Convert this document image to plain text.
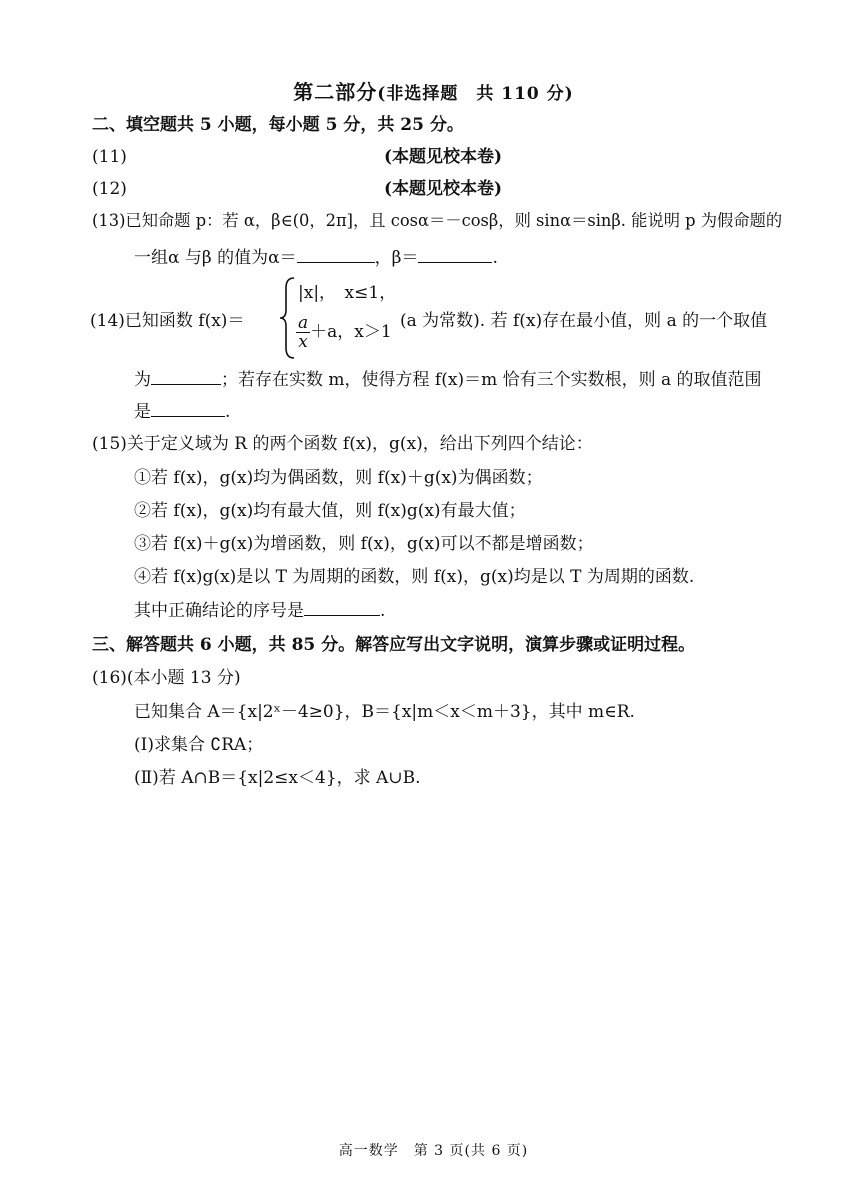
第二部分(非选择题　共 110 分)
二、填空题共 5 小题，每小题 5 分，共 25 分。
(11)	(本题见校本卷)
(12)	(本题见校本卷)
(13)已知命题 p：若 α，β∈(0，2π]，且 cosα＝－cosβ，则 sinα＝sinβ. 能说明 p 为假命题的
一组α 与β 的值为α＝	，β＝	.
(14)已知函数 f(x)＝
|x|，　x≤1，
$\frac{a}{x} +a$，x＞1
(a 为常数). 若 f(x)存在最小值，则 a 的一个取值
为	；若存在实数 m，使得方程 f(x)＝m 恰有三个实数根，则 a 的取值范围
是	.
(15)关于定义域为 R 的两个函数 f(x)，g(x)，给出下列四个结论：
①若 f(x)，g(x)均为偶函数，则 f(x)＋g(x)为偶函数；
②若 f(x)，g(x)均有最大值，则 f(x)g(x)有最大值；
③若 f(x)＋g(x)为增函数，则 f(x)，g(x)可以不都是增函数；
④若 f(x)g(x)是以 T 为周期的函数，则 f(x)，g(x)均是以 T 为周期的函数.
其中正确结论的序号是	.
三、解答题共 6 小题，共 85 分。解答应写出文字说明，演算步骤或证明过程。
(16)(本小题 13 分)
已知集合 A＝{x|2ˣ－4≥0}，B＝{x|m＜x＜m＋3}，其中 m∈R.
(Ⅰ)求集合 ∁RA；
(Ⅱ)若 A∩B＝{x|2≤x＜4}，求 A∪B.
高一数学　第 3 页(共 6 页)
